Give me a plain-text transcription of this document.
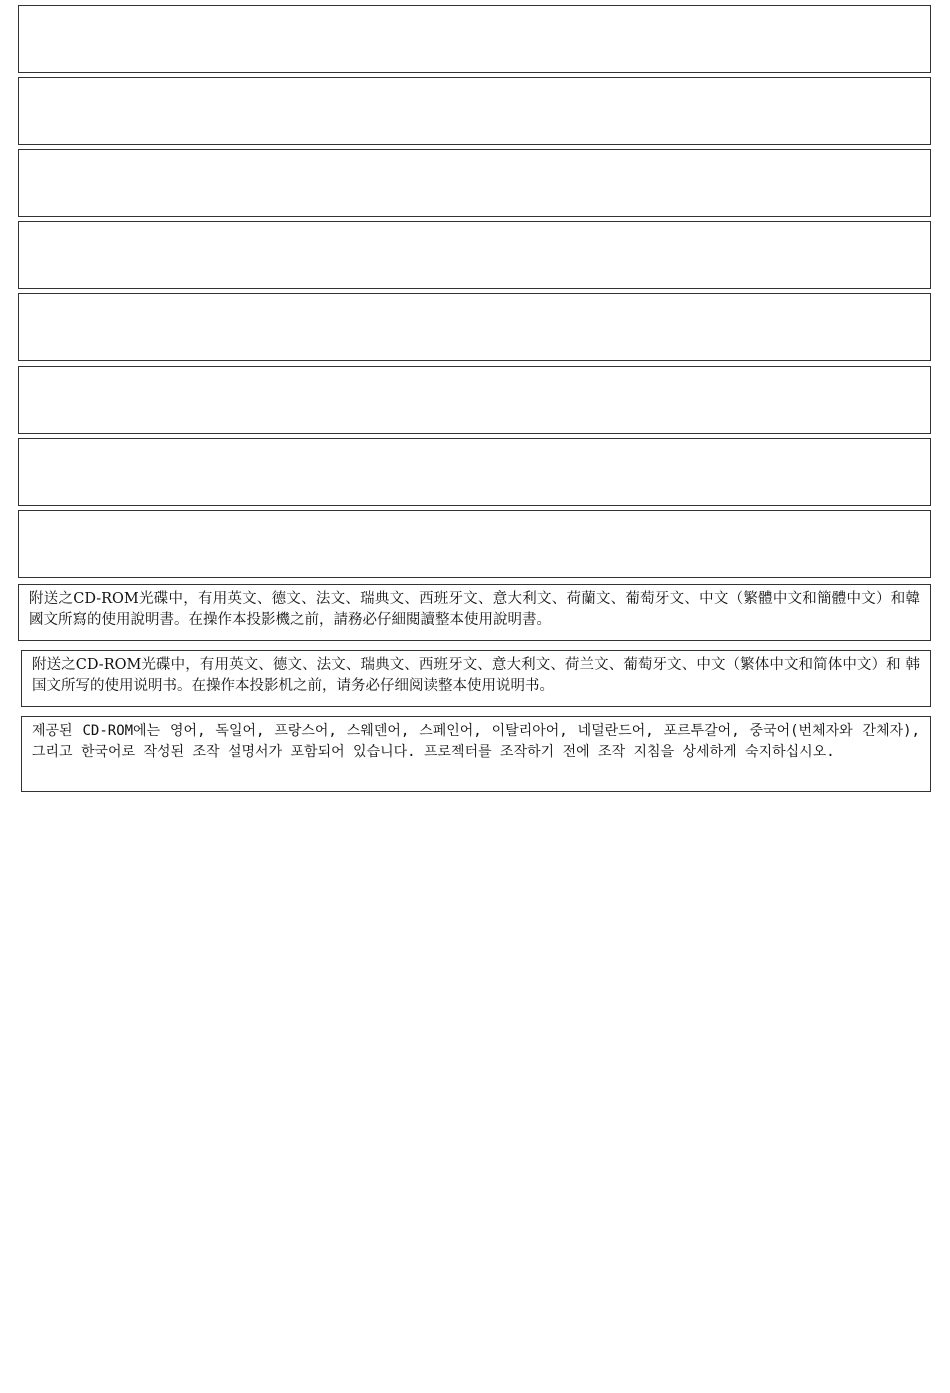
附送之CD-ROM光碟中，有用英文、德文、法文、瑞典文、西班牙文、意大利文、荷蘭文、葡萄牙文、中文（繁體中文和簡體中文）和韓國文所寫的使用說明書。在操作本投影機之前，請務必仔細閱讀整本使用說明書。

附送之CD-ROM光碟中，有用英文、德文、法文、瑞典文、西班牙文、意大利文、荷兰文、葡萄牙文、中文（繁体中文和简体中文）和 韩国文所写的使用说明书。在操作本投影机之前，请务必仔细阅读整本使用说明书。

제공된 CD-ROM에는 영어, 독일어, 프랑스어, 스웨덴어, 스페인어, 이탈리아어, 네덜란드어, 포르투갈어, 중국어(번체자와 간체자), 그리고 한국어로 작성된 조작 설명서가 포함되어 있습니다. 프로젝터를 조작하기 전에 조작 지침을 상세하게 숙지하십시오.
